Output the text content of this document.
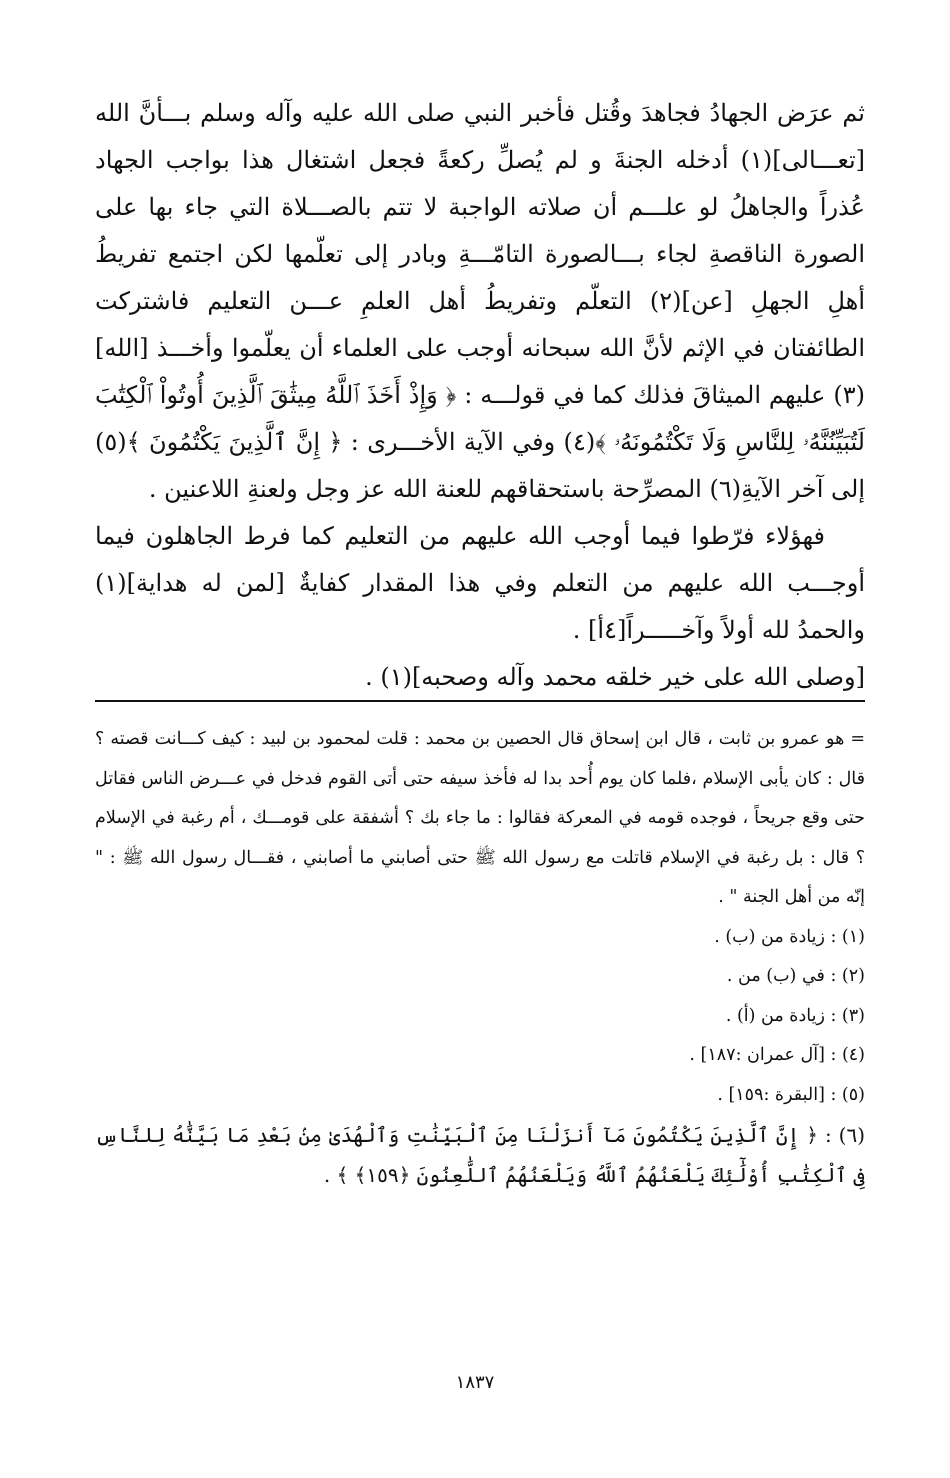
ثم عرَض الجهادُ فجاهدَ وقُتل فأخبر النبي صلى الله عليه وآله وسلم بـــأنَّ الله [تعـــالى](١) أدخله الجنةَ و لم يُصلِّ ركعةً فجعل اشتغال هذا بواجب الجهاد عُذراً والجاهلُ لو علـــم أن صلاته الواجبة لا تتم بالصـــلاة التي جاء بها على الصورة الناقصةِ لجاء بـــالصورة التامّـــةِ وبادر إلى تعلّمها لكن اجتمع تفريطُ أهلِ الجهلِ [عن](٢) التعلّم وتفريطُ أهل العلمِ عـــن التعليم فاشتركت الطائفتان في الإثم لأنَّ الله سبحانه أوجب على العلماء أن يعلّموا وأخـــذ [الله](٣) عليهم الميثاقَ فذلك كما في قولـــه : ﴿ وَإِذْ أَخَذَ ٱللَّهُ مِيثَٰقَ ٱلَّذِينَ أُوتُواْ ٱلْكِتَٰبَ لَتُبَيِّنُنَّهُۥ لِلنَّاسِ وَلَا تَكْتُمُونَهُۥ ﴾(٤) وفي الآية الأخـــرى : ﴿ إِنَّ ٱلَّذِينَ يَكْتُمُونَ ﴾(٥) إلى آخر الآيةِ(٦) المصرِّحة باستحقاقهم للعنة الله عز وجل ولعنةِ اللاعنين .

فهؤلاء فرّطوا فيما أوجب الله عليهم من التعليم كما فرط الجاهلون فيما أوجـــب الله عليهم من التعلم وفي هذا المقدار كفايةٌ [لمن له هداية](١) والحمدُ لله أولاً وآخـــــراً[٤أ] .

[وصلى الله على خير خلقه محمد وآله وصحبه](١) .

= هو عمرو بن ثابت ، قال ابن إسحاق قال الحصين بن محمد : قلت لمحمود بن لبيد : كيف كـــانت قصته ؟ قال : كان يأبى الإسلام ،فلما كان يوم أُحد بدا له فأخذ سيفه حتى أتى القوم فدخل في عـــرض الناس فقاتل حتى وقع جريحاً ، فوجده قومه في المعركة فقالوا : ما جاء بك ؟ أشفقة على قومـــك ، أم رغبة في الإسلام ؟ قال : بل رغبة في الإسلام قاتلت مع رسول الله ﷺ حتى أصابني ما أصابني ، فقـــال رسول الله ﷺ : " إنّه من أهل الجنة " .

(١) : زيادة من (ب) .
(٢) : في (ب) من .
(٣) : زيادة من (أ) .
(٤) : [آل عمران :١٨٧] .
(٥) : [البقرة :١٥٩] .

(٦) : ﴿ إِنَّ ٱلَّذِينَ يَكْتُمُونَ مَآ أَنزَلْنَا مِنَ ٱلْبَيِّنَٰتِ وَٱلْهُدَىٰ مِنۢ بَعْدِ مَا بَيَّنَّٰهُ لِلنَّاسِ فِى ٱلْكِتَٰبِ أُوْلَٰٓئِكَ يَلْعَنُهُمُ ٱللَّهُ وَيَلْعَنُهُمُ ٱللَّٰعِنُونَ ﴿١٥٩﴾ ﴾ .

١٨٣٧
